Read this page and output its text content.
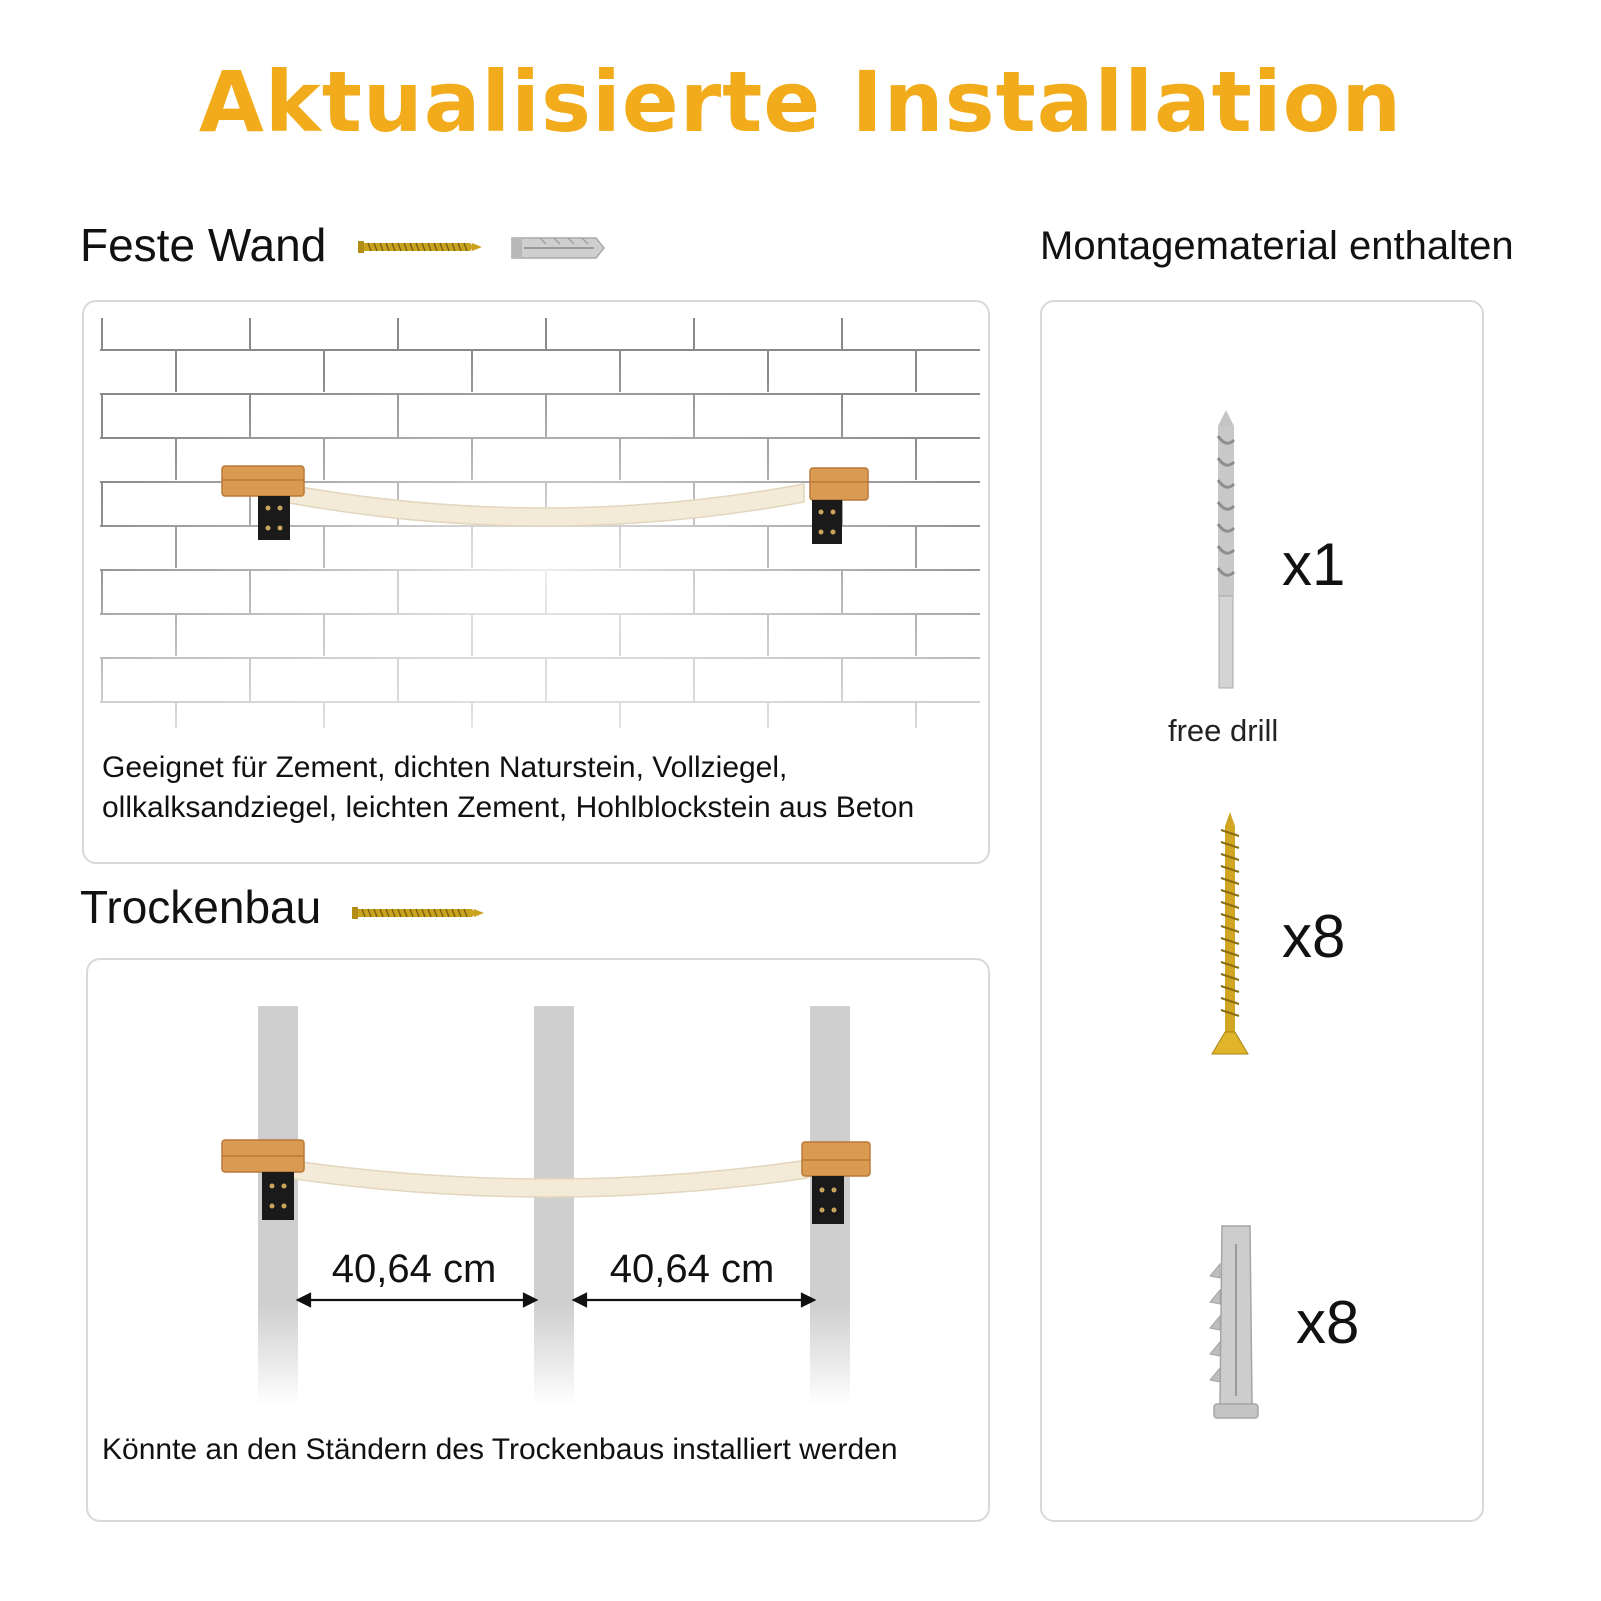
Aktualisierte Installation
Feste Wand
Geeignet für Zement, dichten Naturstein, Vollziegel,
ollkalksandziegel, leichten Zement, Hohlblockstein aus Beton
Trockenbau
40,64 cm	40,64 cm
Könnte an den Ständern des Trockenbaus installiert werden
Montagematerial enthalten
x1
free drill
x8
x8
